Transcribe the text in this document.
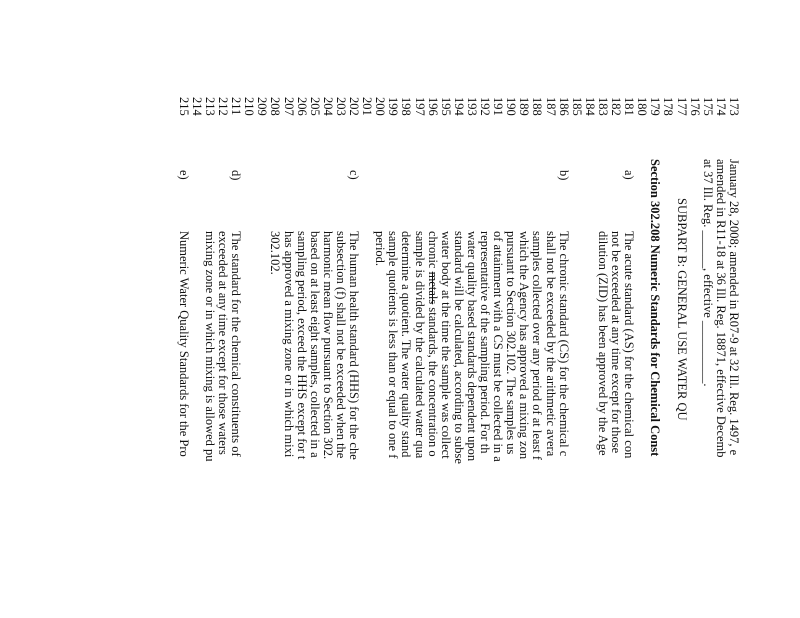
173
174
175
176
177
178
179
180
181
182
183
184
185
186
187
188
189
190
191
192
193
194
195
196
197
198
199
200
201
202
203
204
205
206
207
208
209
210
211
212
213
214
215
January 28, 2008; amended in R07-9 at 32 Ill. Reg. 1497, e
amended in R11-18 at 36 Ill. Reg. 18871, effective Decemb
at 37 Ill. Reg. ______, effective __________.
SUBPART B: GENERAL USE WATER QU
Section 302.208 Numeric Standards for Chemical Const
a)
The acute standard (AS) for the chemical con
not be exceeded at any time except for those
dilution (ZID) has been approved by the Age
b)
The chronic standard (CS) for the chemical c
shall not be exceeded by the arithmetic avera
samples collected over any period of at least f
which the Agency has approved a mixing zon
pursuant to Section 302.102. The samples us
of attainment with a CS must be collected in a
representative of the sampling period. For th
water quality based standards dependent upon
standard will be calculated, according to subse
water body at the time the sample was collect
chronic metals standards, the concentration o
sample is divided by the calculated water qua
determine a quotient. The water quality stand
sample quotients is less than or equal to one f
period.
c)
The human health standard (HHS) for the che
subsection (f) shall not be exceeded when the
harmonic mean flow pursuant to Section 302.
based on at least eight samples, collected in a
sampling period, exceed the HHS except for t
has approved a mixing zone or in which mixi
302.102.
d)
The standard for the chemical constituents of
exceeded at any time except for those waters
mixing zone or in which mixing is allowed pu
e)
Numeric Water Quality Standards for the Pro
